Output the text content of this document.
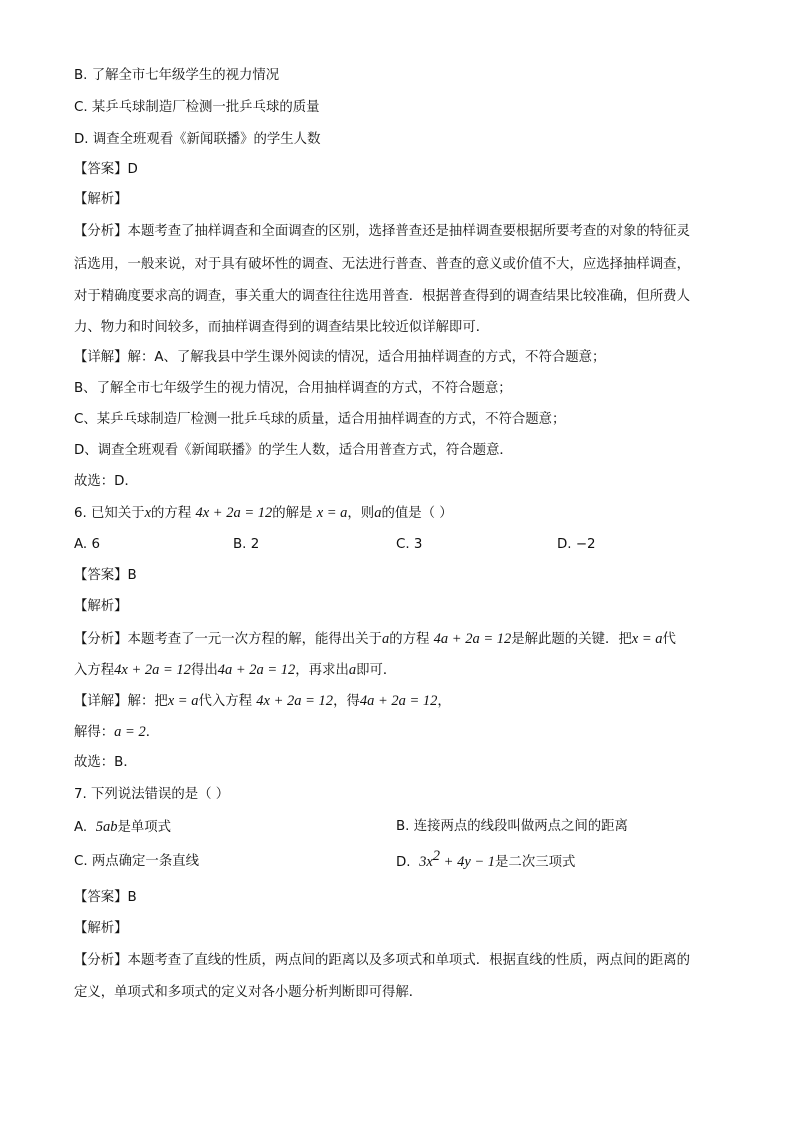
B. 了解全市七年级学生的视力情况
C. 某乒乓球制造厂检测一批乒乓球的质量
D. 调查全班观看《新闻联播》的学生人数
【答案】D
【解析】
【分析】本题考查了抽样调查和全面调查的区别，选择普查还是抽样调查要根据所要考查的对象的特征灵
活选用，一般来说，对于具有破坏性的调查、无法进行普查、普查的意义或价值不大，应选择抽样调查，
对于精确度要求高的调查，事关重大的调查往往选用普查．根据普查得到的调查结果比较准确，但所费人
力、物力和时间较多，而抽样调查得到的调查结果比较近似详解即可．
【详解】解：A、了解我县中学生课外阅读的情况，适合用抽样调查的方式，不符合题意；
B、了解全市七年级学生的视力情况，合用抽样调查的方式，不符合题意；
C、某乒乓球制造厂检测一批乒乓球的质量，适合用抽样调查的方式，不符合题意；
D、调查全班观看《新闻联播》的学生人数，适合用普查方式，符合题意．
故选：D．
6. 已知关于x的方程 4x + 2a = 12的解是 x = a，则a的值是（ ）
A. 6	B. 2	C. 3	D. −2
【答案】B
【解析】
【分析】本题考查了一元一次方程的解，能得出关于a的方程 4a + 2a = 12是解此题的关键．把x = a代
入方程4x + 2a = 12得出4a + 2a = 12，再求出a即可．
【详解】解：把x = a代入方程 4x + 2a = 12，得4a + 2a = 12，
解得：a = 2．
故选：B．
7. 下列说法错误的是（ ）
A. 5ab是单项式	B. 连接两点的线段叫做两点之间的距离
C. 两点确定一条直线	D. $3x^2 + 4y - 1$是二次三项式
【答案】B
【解析】
【分析】本题考查了直线的性质，两点间的距离以及多项式和单项式．根据直线的性质，两点间的距离的
定义，单项式和多项式的定义对各小题分析判断即可得解．
